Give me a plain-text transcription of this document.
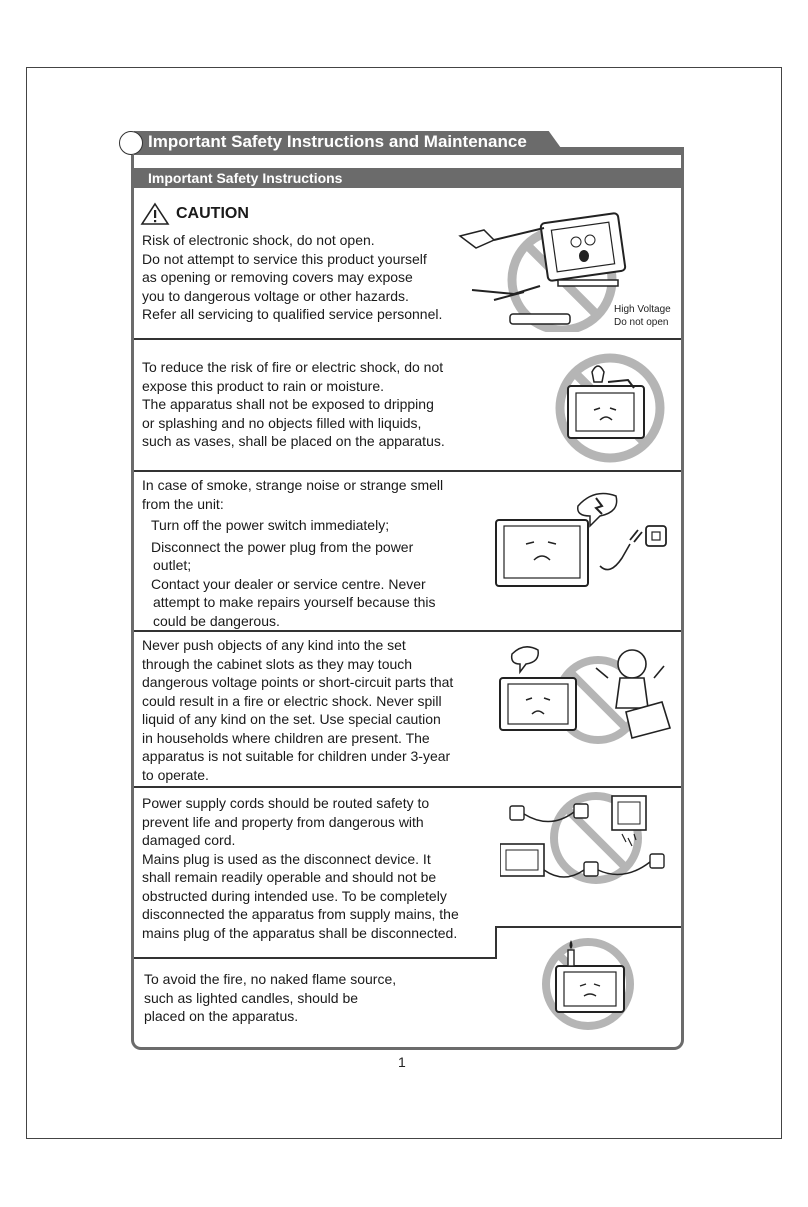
Important Safety Instructions and Maintenance
Important Safety Instructions
CAUTION
Risk of electronic shock, do not open.
Do not attempt to service this product yourself
as opening or removing covers may expose
you to dangerous voltage or other hazards.
Refer all servicing to qualified service personnel.	High Voltage
Do not open
To reduce the risk of fire or electric shock, do not
expose this product to rain or moisture.
The apparatus shall not be exposed to dripping
or splashing and no objects filled with liquids,
such as vases, shall be placed on the apparatus.
In case of smoke, strange noise or strange smell
from the unit:
Turn off the power switch immediately;
Disconnect the power plug from the power
outlet;
Contact your dealer or service centre. Never
attempt to make repairs yourself because this
could be dangerous.
Never push objects of any kind into the set
through the cabinet slots as they may touch
dangerous voltage points or short-circuit parts that
could result in a fire or electric shock. Never spill
liquid of any kind on the set. Use special caution
in households where children are present. The
apparatus is not suitable for children under 3-year
to operate.
Power supply cords should be routed safety to
prevent life and property from dangerous with
damaged cord.
Mains plug is used as the disconnect device. It
shall remain readily operable and should not be
obstructed during intended use. To be completely
disconnected the apparatus from supply mains, the
mains plug of the apparatus shall be disconnected.
To avoid the fire, no naked flame source,
such as lighted candles, should be
placed on the apparatus.
1
